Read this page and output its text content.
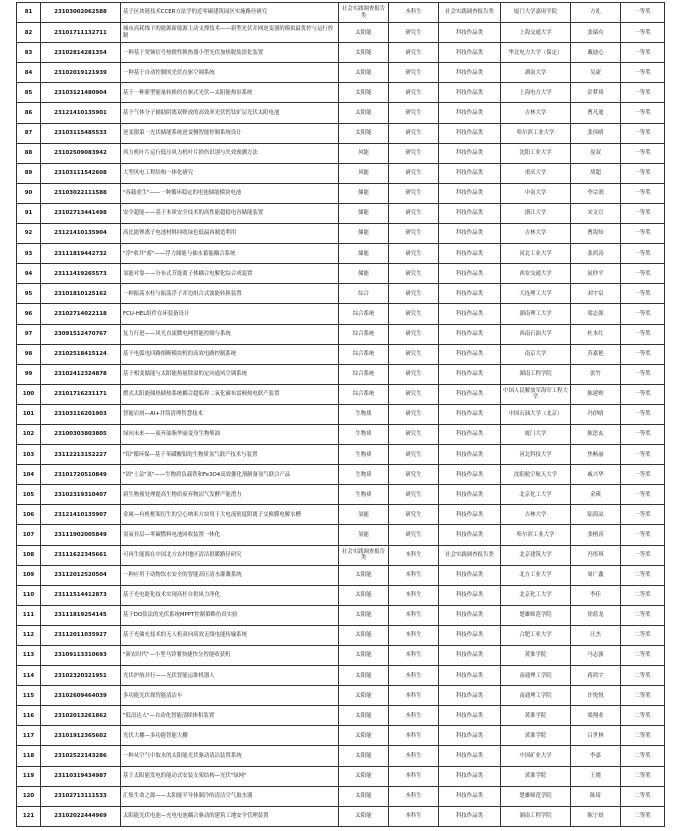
81	23103002062588	基于区块链技术CCER方法学的近零碳建筑园区实施路径研究	社会实践调查报告类	本科生	社会实践调查报告类	厦门大学嘉庚学院	方礼	一等奖
82	23101711132711	城市高耗线下的能源新能源主动支撑技术——新型光伏并网逆变器的模拟最优控与运行控制	太阳能	研究生	科技作品类	上海交通大学	张瑞有	一等奖
83	23102814281354	一种基于宽频信号热惯性换热器小型光伏加热脱盐淡化装置	太阳能	研究生	科技作品类	华北电力大学（保定）	戴迪心	一等奖
84	23102019121939	一种基于自动控制的光伏直驱空调系统	太阳能	研究生	科技作品类	湖南大学	吴豪	一等奖
85	23103121480904	基于一种新型能量转换的直驱式光伏—太阳能热泵系统	太阳能	研究生	科技作品类	上海电力大学	彭梦琦	一等奖
86	23121410135901	基于气体分子辅助阴离双释放的高效率光伏钙钛矿层光伏太阳电池	太阳能	研究生	科技作品类	吉林大学	曹凡迪	一等奖
87	23103115485533	逆变器第一光伏储能系统逆变侧智能控制系统设计	太阳能	研究生	科技作品类	哈尔滨工业大学	张伟晴	一等奖
88	23102509083942	风力机叶片运行低压风力机叶片损伤识别与失效预测方法	风能	研究生	科技作品类	沈阳工业大学	原双	一等奖
89	23103111542608	大型风电工程结构一体化研究	风能	研究生	科技作品类	重庆大学	胡超	一等奖
90	23103022111588	"容载重生"——一种循环稳定的电池储能模块电池	储能	研究生	科技作品类	中南大学	李宗润	一等奖
91	23102713441498	安全超能——基于本质安全技术的高性能超稳电容储能装置	储能	研究生	科技作品类	浙江大学	宋文宣	一等奖
92	23121410135904	高比能锂离子电池材料回收绿色低温再制造利用	储能	研究生	科技作品类	吉林大学	曹海知	一等奖
93	23111819442732	"浮"收并"蓄"——浮力储能与抽水蓄能耦合系统	储能	研究生	科技作品类	河北工业大学	张鸿涛	一等奖
94	23111419265573	氢能对靠——分布式节能离子体耦合电解化综合成装置	储能	研究生	科技作品类	西安交通大学	屈仲平	一等奖
95	23101810125162	一种振荡水柱与振荡浮子并边组合式波能转换装置	综合	研究生	科技作品类	大连理工大学	刘宇宸	一等奖
96	23102714022118	FCU-HEL组件在环装备设计	综合系统	研究生	科技作品类	湖南理工大学	梁志强	一等奖
97	23091512470767	复力行进——风光直流微电网智能控制与系统	综合系统	研究生	科技作品类	西南石油大学	杜本红	一等奖
98	23102518415124	基于电弧电回路熔断模块机的高效电路控制系统	综合系统	研究生	科技作品类	南京大学	苏嘉艳	一等奖
99	23102412324878	基于相变储能与太阳能热量除湿的定向通风空调系统	综合系统	研究生	科技作品类	湖南工程学院	张竹	一等奖
100	23101716231171	燃式太阳能储热储热系统耦合超临界二氧化碳布雷顿热电联产装置	综合系统	研究生	科技作品类	中国人民解放军海军工程大学	陈建则	一等奖
101	23103116201903	智能岩屑—AI+井筒清理智慧技术	生物质	研究生	科技作品类	中国石油大学（北京）	冯伊晴	一等奖
102	23100303803805	绿向未来——废弃油脂华丽变身生物柴油	生物质	研究生	科技作品类	厦门大学	陈思玄	一等奖
103	23112213152227	"铝"循环保—基于苯磺酸铝的生物质氢气联产技术与装置	生物质	研究生	科技作品类	河北科技大学	焦畅丽	一等奖
104	23101720510849	"固"土益"氢"——生物质负载铁和Fe3O4高效催化剂制备氢气联合产品	生物质	研究生	科技作品类	沈阳航空航天大学	戚兴华	一等奖
105	23102319310407	新生物预处理提高生物质废弃物沼气发酵产能潜力	生物质	研究生	科技作品类	北京化工大学	金瑛	一等奖
106	23121410135907	金属—有机框架衍生的空心纳米方块用于大电流密度阴离子交换膜电解水槽	氢能	研究生	科技作品类	吉林大学	陆海凉	一等奖
107	23111902005849	氢氧非层—零碳燃料电池回收装置一体化	氢能	研究生	科技作品类	哈尔滨工业大学	张榕涛	一等奖
108	23111622345661	可再生能源在中国北方农村地区清洁供暖路径研究	社会实践调查报告类	本科生	社会实践调查报告类	北京建筑大学	冯彤琪	一等奖
109	23112012520504	一种应用于动物饮水安全的智能高压清水灌溉系统	太阳能	本科生	科技作品类	北方工业大学	周广鑫	二等奖
110	23111514412873	基于光电能化技术实现高杆自供风力净化	太阳能	本科生	科技作品类	北京化工大学	李佳	二等奖
111	23111819254145	基于DO算法的光伏系统MPPT控制策略仿真实验	太阳能	本科生	科技作品类	楚雄师范学院	徐蓝龙	二等奖
112	23112011035927	基于光储充技术的无人机双向高效无线电能传输系统	太阳能	本科生	科技作品类	合肥工业大学	汪杰	二等奖
113	23109113310693	"新农时代"—小型马铃薯快捷快分智能收获机	太阳能	本科生	科技作品类	黄淮学院	马志强	二等奖
114	23102320321951	光伏护航并行——光伏智能运维机器人	太阳能	本科生	科技作品类	南通理工学院	蒋鸿宇	二等奖
115	23102609464039	多功能光伏探智能清洁车	太阳能	本科生	科技作品类	南通理工学院	许悦悦	二等奖
116	23102013261862	"低浪达人"—自动化智能清除体积装置	太阳能	本科生	科技作品类	黄淮学院	梁翔业	二等奖
117	23101912365602	光伏大棚—多功能智能大棚	太阳能	本科生	科技作品类	黄淮学院	吕世林	二等奖
118	23102522143286	一种从空气中取水的太阳能光伏驱动清洁装置系统	太阳能	本科生	科技作品类	中国矿业大学	李嘉	二等奖
119	23110319434987	基于太阳能发电的能动式安装支架结构—光伏"绿网"	太阳能	本科生	科技作品类	黄淮学院	王晓	二等奖
120	23102713111533	汇集生命之源——太阳能半导体制冷的清洁空气取水器	太阳能	本科生	科技作品类	楚雄师范学院	陈琦	二等奖
121	23102022444969	太阳能光伏电池—充电电池耦合驱动的建筑工地安全管理装置	太阳能	本科生	科技作品类	湖南工程学院	陈宁晨	二等奖
